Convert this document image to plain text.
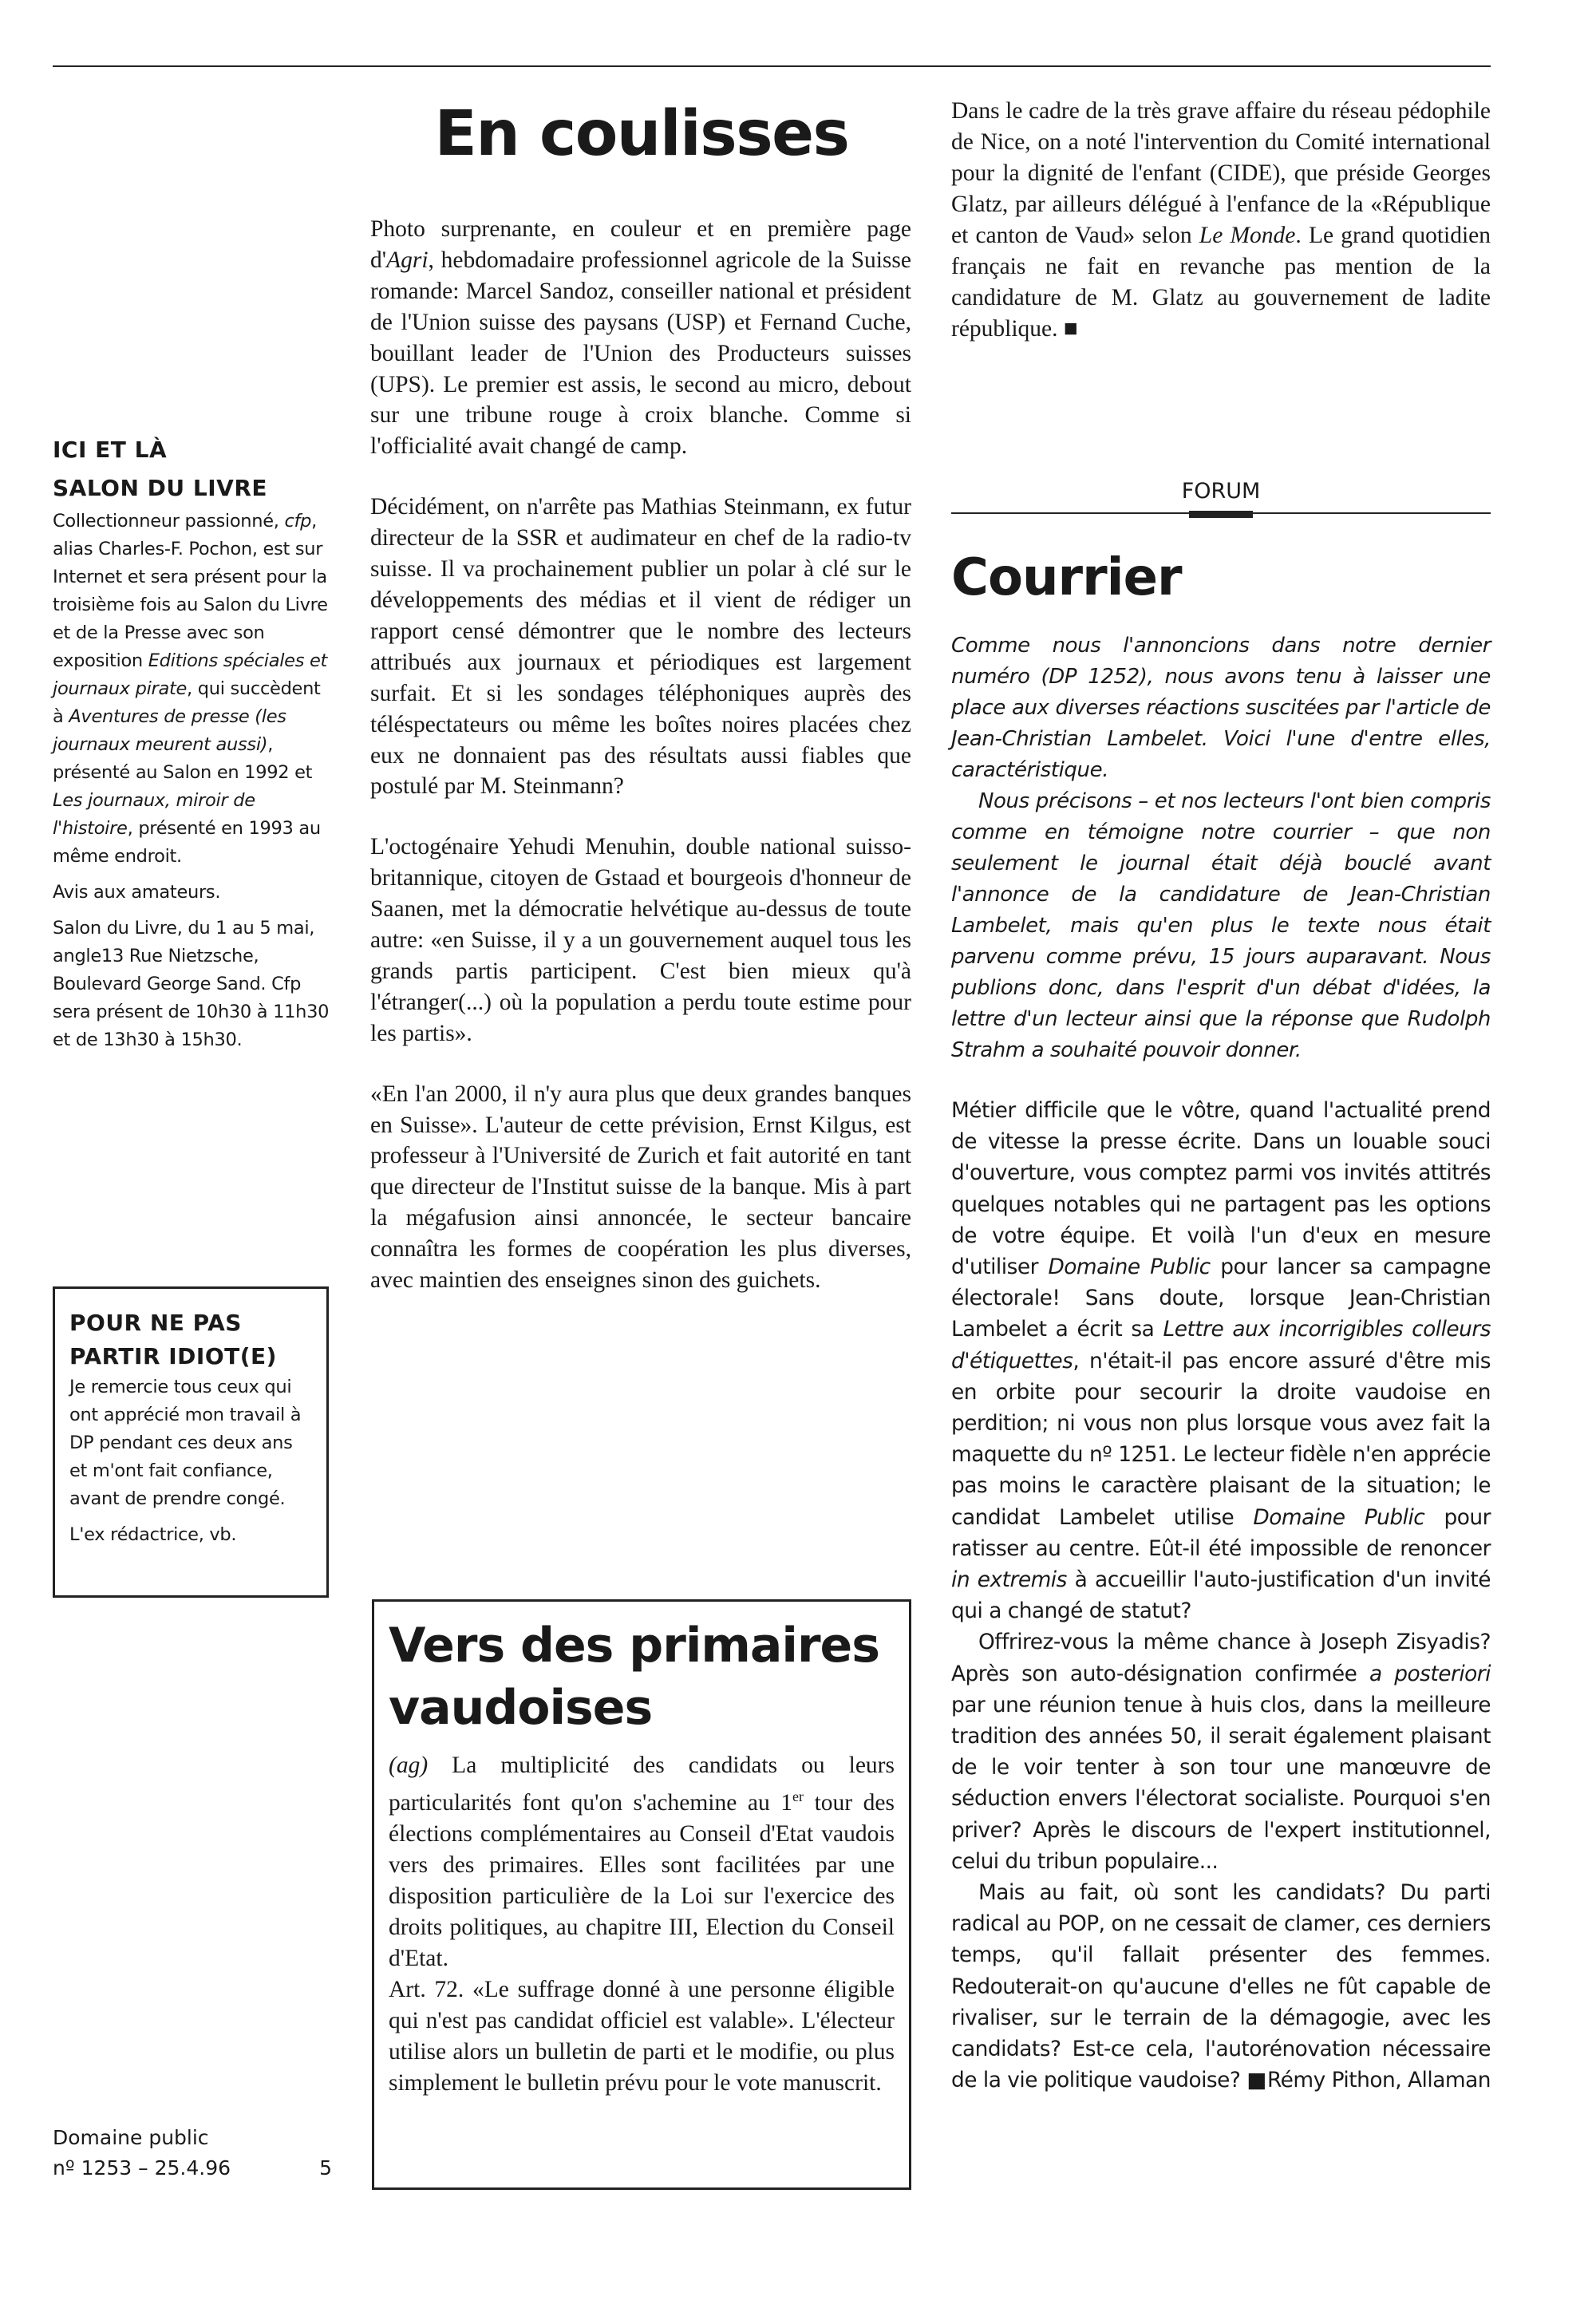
ICI ET LÀ
SALON DU LIVRE

Collectionneur passionné, cfp, alias Charles-F. Pochon, est sur Internet et sera présent pour la troisième fois au Salon du Livre et de la Presse avec son exposition Editions spéciales et journaux pirate, qui succèdent à Aventures de presse (les journaux meurent aussi), présenté au Salon en 1992 et Les journaux, miroir de l'histoire, présenté en 1993 au même endroit.

Avis aux amateurs.

Salon du Livre, du 1 au 5 mai, angle13 Rue Nietzsche, Boulevard George Sand. Cfp sera présent de 10h30 à 11h30 et de 13h30 à 15h30.

POUR NE PAS
PARTIR IDIOT(E)

Je remercie tous ceux qui ont apprécié mon travail à DP pendant ces deux ans et m'ont fait confiance, avant de prendre congé.

L'ex rédactrice, vb.

Domaine public
nº 1253 – 25.4.96	5
En coulisses

Photo surprenante, en couleur et en première page d'Agri, hebdomadaire professionnel agricole de la Suisse romande: Marcel Sandoz, conseiller national et président de l'Union suisse des paysans (USP) et Fernand Cuche, bouillant leader de l'Union des Producteurs suisses (UPS). Le premier est assis, le second au micro, debout sur une tribune rouge à croix blanche. Comme si l'officialité avait changé de camp.

Décidément, on n'arrête pas Mathias Steinmann, ex futur directeur de la SSR et audimateur en chef de la radio-tv suisse. Il va prochainement publier un polar à clé sur le développements des médias et il vient de rédiger un rapport censé démontrer que le nombre des lecteurs attribués aux journaux et périodiques est largement surfait. Et si les sondages téléphoniques auprès des téléspectateurs ou même les boîtes noires placées chez eux ne donnaient pas des résultats aussi fiables que postulé par M. Steinmann?

L'octogénaire Yehudi Menuhin, double national suisso-britannique, citoyen de Gstaad et bourgeois d'honneur de Saanen, met la démocratie helvétique au-dessus de toute autre: «en Suisse, il y a un gouvernement auquel tous les grands partis participent. C'est bien mieux qu'à l'étranger(...) où la population a perdu toute estime pour les partis».

«En l'an 2000, il n'y aura plus que deux grandes banques en Suisse». L'auteur de cette prévision, Ernst Kilgus, est professeur à l'Université de Zurich et fait autorité en tant que directeur de l'Institut suisse de la banque. Mis à part la mégafusion ainsi annoncée, le secteur bancaire connaîtra les formes de coopération les plus diverses, avec maintien des enseignes sinon des guichets.

Vers des primaires
vaudoises

(ag) La multiplicité des candidats ou leurs particularités font qu'on s'achemine au 1er tour des élections complémentaires au Conseil d'Etat vaudois vers des primaires. Elles sont facilitées par une disposition particulière de la Loi sur l'exercice des droits politiques, au chapitre III, Election du Conseil d'Etat.

Art. 72. «Le suffrage donné à une personne éligible qui n'est pas candidat officiel est valable». L'électeur utilise alors un bulletin de parti et le modifie, ou plus simplement le bulletin prévu pour le vote manuscrit.

Dans le cadre de la très grave affaire du réseau pédophile de Nice, on a noté l'intervention du Comité international pour la dignité de l'enfant (CIDE), que préside Georges Glatz, par ailleurs délégué à l'enfance de la «République et canton de Vaud» selon Le Monde. Le grand quotidien français ne fait en revanche pas mention de la candidature de M. Glatz au gouvernement de ladite république. ■

FORUM
Courrier

Comme nous l'annoncions dans notre dernier numéro (DP 1252), nous avons tenu à laisser une place aux diverses réactions suscitées par l'article de Jean-Christian Lambelet. Voici l'une d'entre elles, caractéristique.

Nous précisons – et nos lecteurs l'ont bien compris comme en témoigne notre courrier – que non seulement le journal était déjà bouclé avant l'annonce de la candidature de Jean-Christian Lambelet, mais qu'en plus le texte nous était parvenu comme prévu, 15 jours auparavant. Nous publions donc, dans l'esprit d'un débat d'idées, la lettre d'un lecteur ainsi que la réponse que Rudolph Strahm a souhaité pouvoir donner.

Métier difficile que le vôtre, quand l'actualité prend de vitesse la presse écrite. Dans un louable souci d'ouverture, vous comptez parmi vos invités attitrés quelques notables qui ne partagent pas les options de votre équipe. Et voilà l'un d'eux en mesure d'utiliser Domaine Public pour lancer sa campagne électorale! Sans doute, lorsque Jean-Christian Lambelet a écrit sa Lettre aux incorrigibles colleurs d'étiquettes, n'était-il pas encore assuré d'être mis en orbite pour secourir la droite vaudoise en perdition; ni vous non plus lorsque vous avez fait la maquette du nº 1251. Le lecteur fidèle n'en apprécie pas moins le caractère plaisant de la situation; le candidat Lambelet utilise Domaine Public pour ratisser au centre. Eût-il été impossible de renoncer in extremis à accueillir l'auto-justification d'un invité qui a changé de statut?

Offrirez-vous la même chance à Joseph Zisyadis? Après son auto-désignation confirmée a posteriori par une réunion tenue à huis clos, dans la meilleure tradition des années 50, il serait également plaisant de le voir tenter à son tour une manœuvre de séduction envers l'électorat socialiste. Pourquoi s'en priver? Après le discours de l'expert institutionnel, celui du tribun populaire...

Mais au fait, où sont les candidats? Du parti radical au POP, on ne cessait de clamer, ces derniers temps, qu'il fallait présenter des femmes. Redouterait-on qu'aucune d'elles ne fût capable de rivaliser, sur le terrain de la démagogie, avec les candidats? Est-ce cela, l'autorénovation nécessaire de la vie politique vaudoise? ■ Rémy Pithon, Allaman
